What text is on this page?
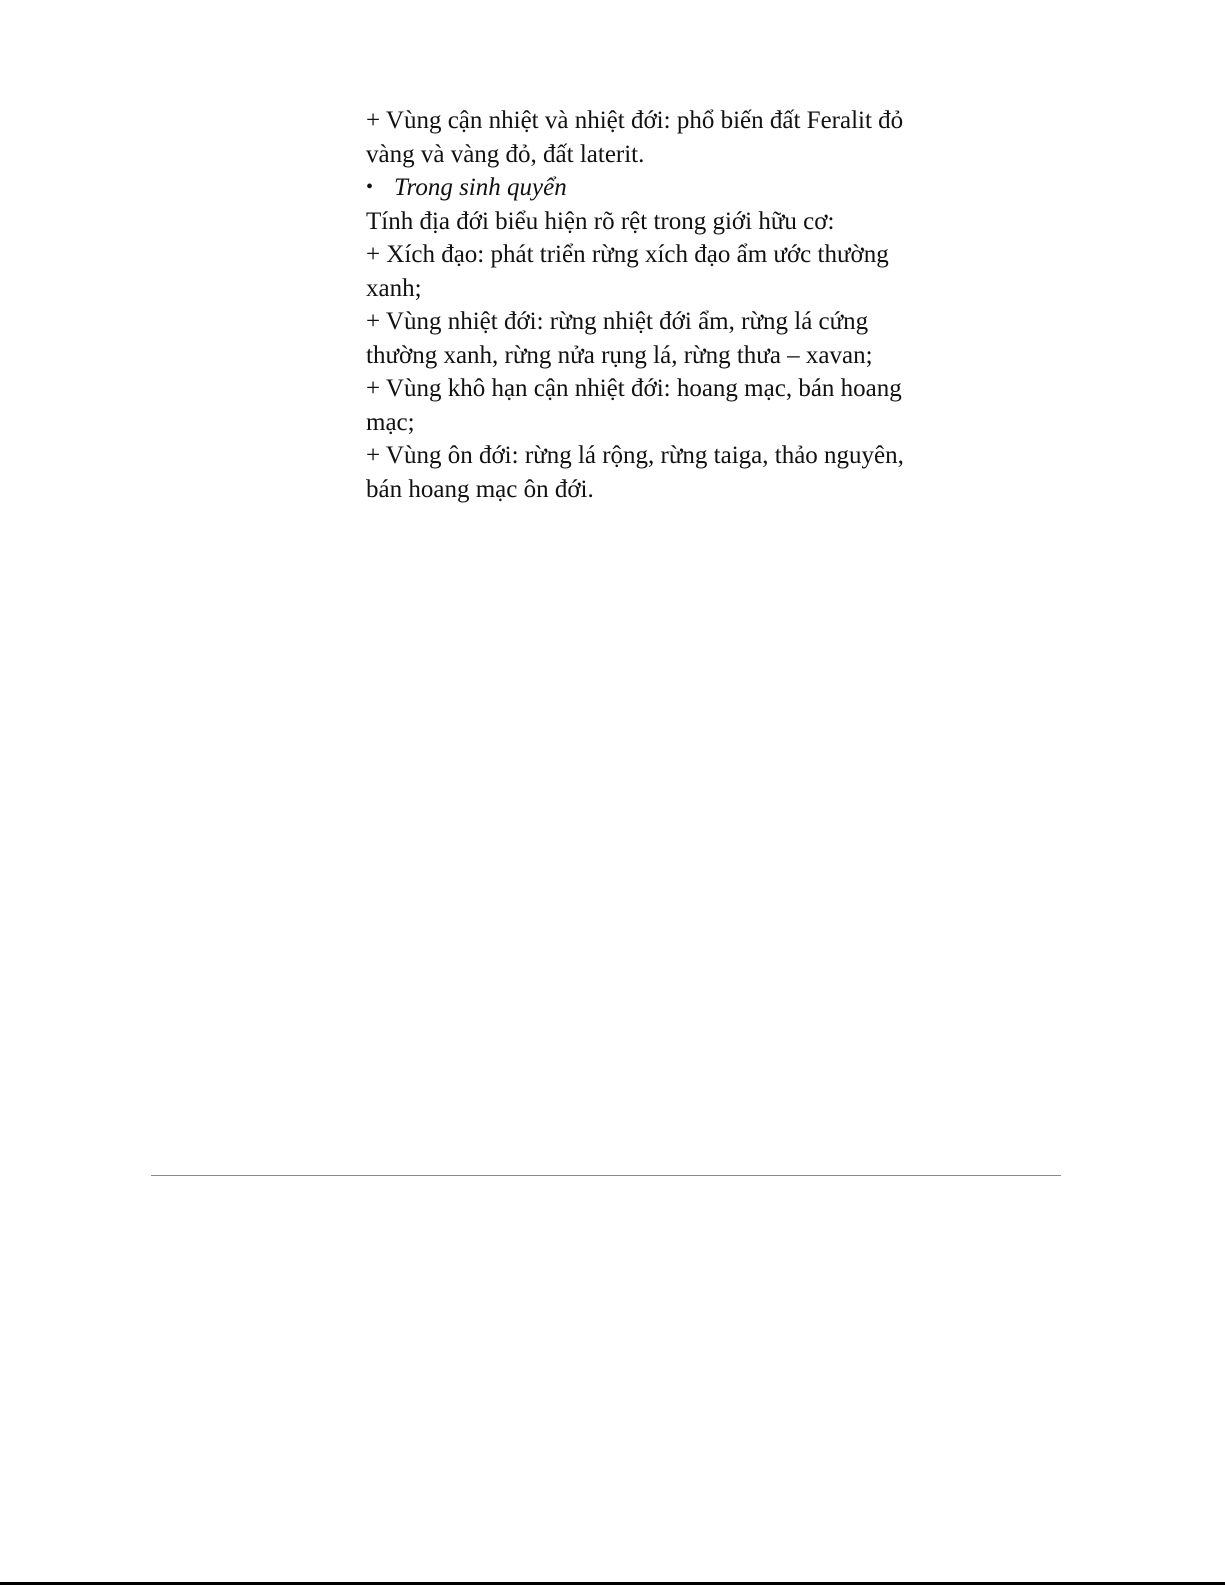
+ Vùng cận nhiệt và nhiệt đới: phổ biến đất Feralit đỏ
vàng và vàng đỏ, đất laterit.
• Trong sinh quyển
Tính địa đới biểu hiện rõ rệt trong giới hữu cơ:
+ Xích đạo: phát triển rừng xích đạo ẩm ước thường
xanh;
+ Vùng nhiệt đới: rừng nhiệt đới ẩm, rừng lá cứng
thường xanh, rừng nửa rụng lá, rừng thưa – xavan;
+ Vùng khô hạn cận nhiệt đới: hoang mạc, bán hoang
mạc;
+ Vùng ôn đới: rừng lá rộng, rừng taiga, thảo nguyên,
bán hoang mạc ôn đới.
